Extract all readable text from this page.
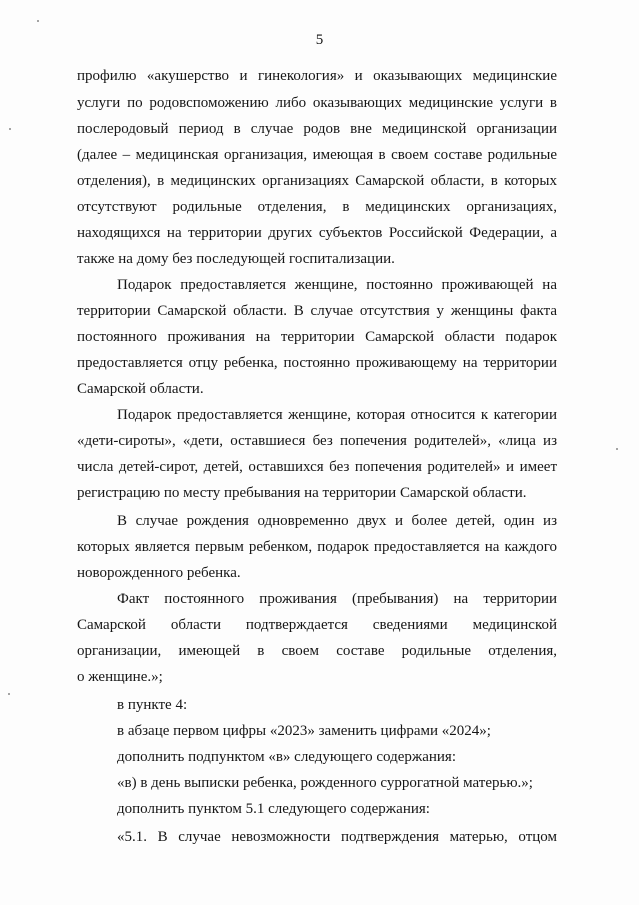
5
профилю «акушерство и гинекология» и оказывающих медицинские
услуги по родовспоможению либо оказывающих медицинские услуги в
послеродовый период в случае родов вне медицинской организации
(далее – медицинская организация, имеющая в своем составе родильные
отделения), в медицинских организациях Самарской области, в которых
отсутствуют родильные отделения, в медицинских организациях,
находящихся на территории других субъектов Российской Федерации, а
также на дому без последующей госпитализации.
Подарок предоставляется женщине, постоянно проживающей на
территории Самарской области. В случае отсутствия у женщины факта
постоянного проживания на территории Самарской области подарок
предоставляется отцу ребенка, постоянно проживающему на территории
Самарской области.
Подарок предоставляется женщине, которая относится к категории
«дети-сироты», «дети, оставшиеся без попечения родителей», «лица из
числа детей-сирот, детей, оставшихся без попечения родителей» и имеет
регистрацию по месту пребывания на территории Самарской области.
В случае рождения одновременно двух и более детей, один из
которых является первым ребенком, подарок предоставляется на каждого
новорожденного ребенка.
Факт постоянного проживания (пребывания) на территории
Самарской области подтверждается сведениями медицинской
организации, имеющей в своем составе родильные отделения,
о женщине.»;
в пункте 4:
в абзаце первом цифры «2023» заменить цифрами «2024»;
дополнить подпунктом «в» следующего содержания:
«в) в день выписки ребенка, рожденного суррогатной матерью.»;
дополнить пунктом 5.1 следующего содержания:
«5.1. В случае невозможности подтверждения матерью, отцом
